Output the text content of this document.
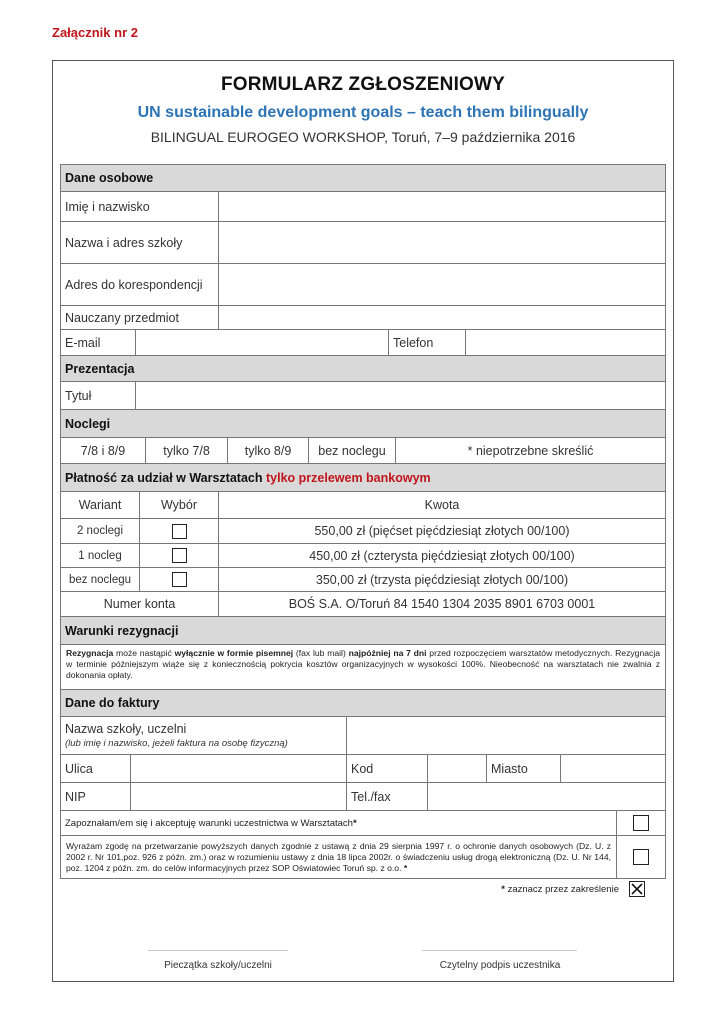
Załącznik nr 2
FORMULARZ ZGŁOSZENIOWY
UN sustainable development goals – teach them bilingually
BILINGUAL EUROGEO WORKSHOP, Toruń, 7–9 października 2016
Dane osobowe
Imię i nazwisko
Nazwa i adres szkoły
Adres do korespondencji
Nauczany przedmiot
E-mail	Telefon
Prezentacja
Tytuł
Noclegi
7/8 i 8/9	tylko 7/8	tylko 8/9	bez noclegu	* niepotrzebne skreślić
Płatność za udział w Warsztatach
tylko przelewem bankowym
Wariant	Wybór	Kwota
2 noclegi	550,00 zł (pięćset pięćdziesiąt złotych 00/100)
1 nocleg	450,00 zł (czterysta pięćdziesiąt złotych 00/100)
bez noclegu	350,00 zł (trzysta pięćdziesiąt złotych 00/100)
Numer konta	BOŚ S.A. O/Toruń 84 1540 1304 2035 8901 6703 0001
Warunki rezygnacji
Rezygnacja może nastąpić wyłącznie w formie pisemnej (fax lub mail) najpóźniej na 7 dni przed rozpoczęciem warsztatów metodycznych. Rezygnacja w terminie późniejszym wiąże się z koniecznością pokrycia kosztów organizacyjnych w wysokości 100%. Nieobecność na warsztatach nie zwalnia z dokonania opłaty.
Dane do faktury
Nazwa szkoły, uczelni
(lub imię i nazwisko, jeżeli faktura na osobę fizyczną)
Ulica	Kod	Miasto
NIP	Tel./fax
Zapoznałam/em się i akceptuję warunki uczestnictwa w Warsztatach *
Wyrażam zgodę na przetwarzanie powyższych danych zgodnie z ustawą z dnia 29 sierpnia 1997 r. o ochronie danych osobowych (Dz. U. z 2002 r. Nr 101,poz. 926 z późn. zm.) oraz w rozumieniu ustawy z dnia 18 lipca 2002r. o świadczeniu usług drogą elektroniczną (Dz. U. Nr 144, poz. 1204 z późn. zm. do celów informacyjnych przez SOP Oświatowiec Toruń sp. z o.o. *
* zaznacz przez zakreślenie
Pieczątka szkoły/uczelni	Czytelny podpis uczestnika
